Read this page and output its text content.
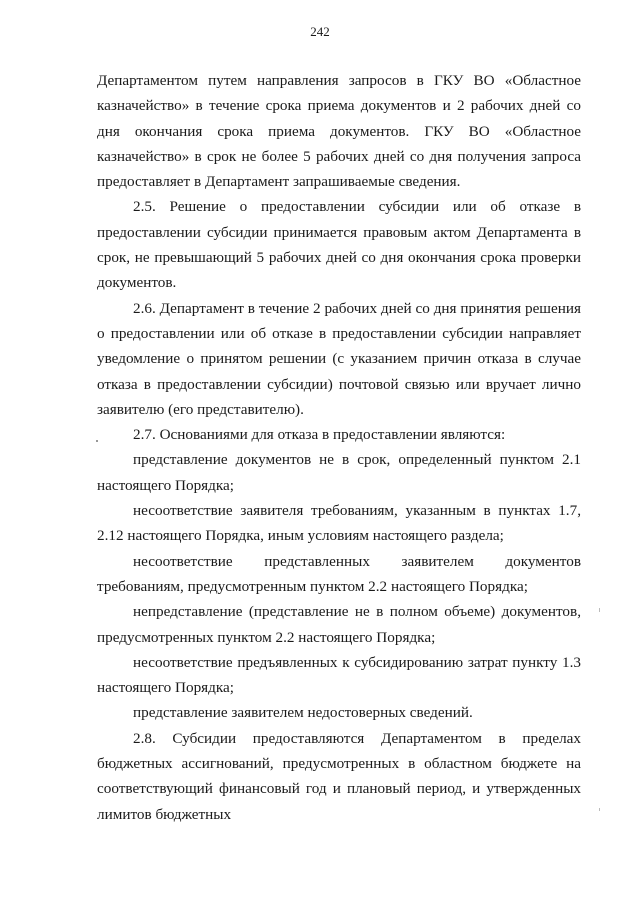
242

Департаментом путем направления запросов в ГКУ ВО «Областное казначейство» в течение срока приема документов и 2 рабочих дней со дня окончания срока приема документов. ГКУ ВО «Областное казначейство» в срок не более 5 рабочих дней со дня получения запроса предоставляет в Департамент запрашиваемые сведения.

2.5. Решение о предоставлении субсидии или об отказе в предоставлении субсидии принимается правовым актом Департамента в срок, не превышающий 5 рабочих дней со дня окончания срока проверки документов.

2.6. Департамент в течение 2 рабочих дней со дня принятия решения о предоставлении или об отказе в предоставлении субсидии направляет уведомление о принятом решении (с указанием причин отказа в случае отказа в предоставлении субсидии) почтовой связью или вручает лично заявителю (его представителю).

2.7. Основаниями для отказа в предоставлении являются:

представление документов не в срок, определенный пунктом 2.1 настоящего Порядка;

несоответствие заявителя требованиям, указанным в пунктах 1.7, 2.12 настоящего Порядка, иным условиям настоящего раздела;

несоответствие представленных заявителем документов требованиям, предусмотренным пунктом 2.2 настоящего Порядка;

непредставление (представление не в полном объеме) документов, предусмотренных пунктом 2.2 настоящего Порядка;

несоответствие предъявленных к субсидированию затрат пункту 1.3 настоящего Порядка;

представление заявителем недостоверных сведений.

2.8. Субсидии предоставляются Департаментом в пределах бюджетных ассигнований, предусмотренных в областном бюджете на соответствующий финансовый год и плановый период, и утвержденных лимитов бюджетных
